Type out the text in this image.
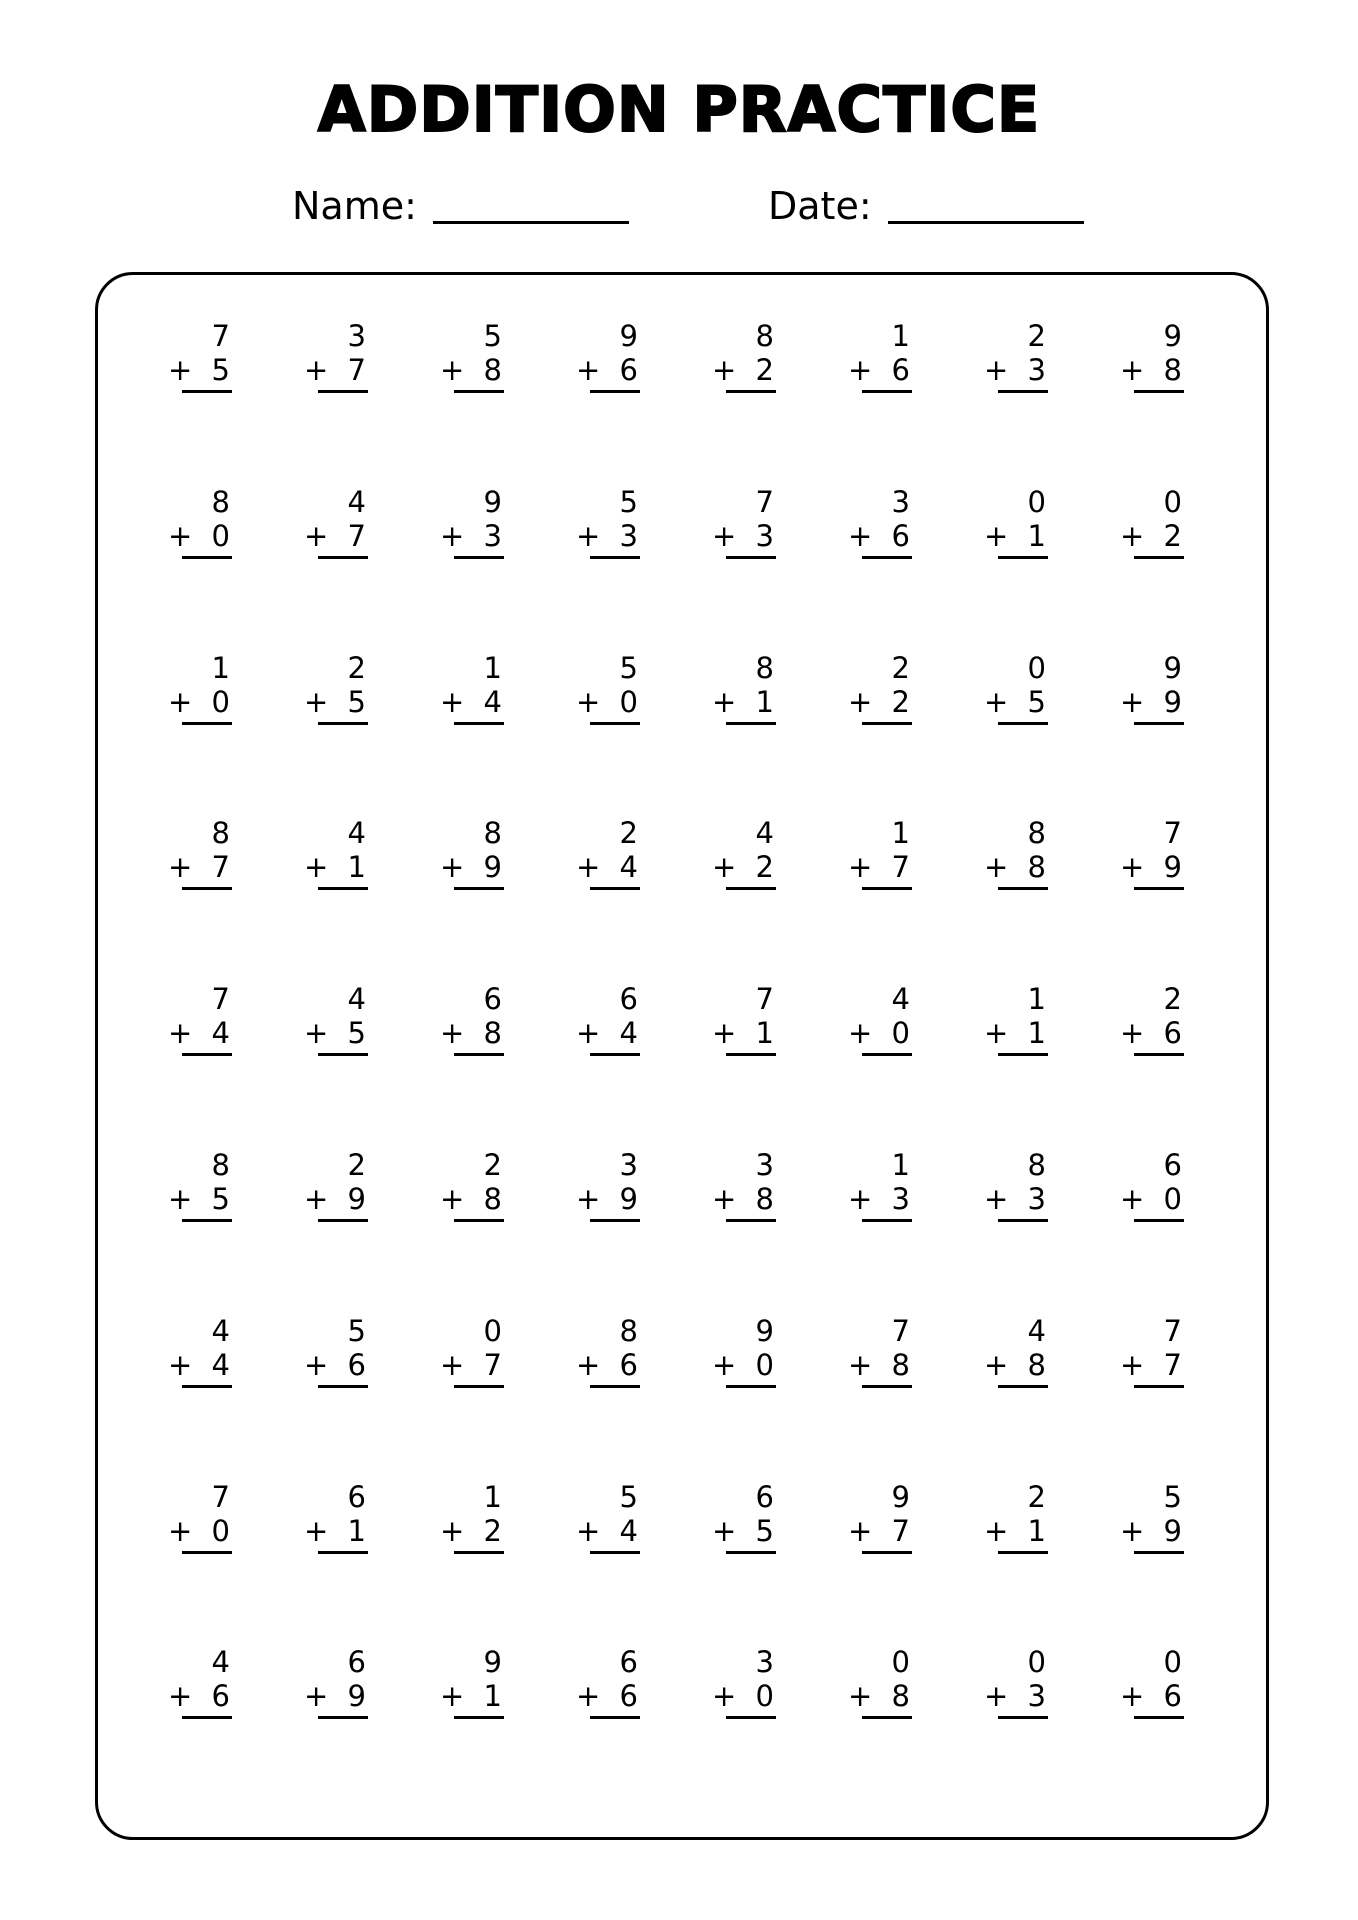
ADDITION PRACTICE
Name:	Date:
7
+ 5
3
+ 7
5
+ 8
9
+ 6
8
+ 2
1
+ 6
2
+ 3
9
+ 8
8
+ 0
4
+ 7
9
+ 3
5
+ 3
7
+ 3
3
+ 6
0
+ 1
0
+ 2
1
+ 0
2
+ 5
1
+ 4
5
+ 0
8
+ 1
2
+ 2
0
+ 5
9
+ 9
8
+ 7
4
+ 1
8
+ 9
2
+ 4
4
+ 2
1
+ 7
8
+ 8
7
+ 9
7
+ 4
4
+ 5
6
+ 8
6
+ 4
7
+ 1
4
+ 0
1
+ 1
2
+ 6
8
+ 5
2
+ 9
2
+ 8
3
+ 9
3
+ 8
1
+ 3
8
+ 3
6
+ 0
4
+ 4
5
+ 6
0
+ 7
8
+ 6
9
+ 0
7
+ 8
4
+ 8
7
+ 7
7
+ 0
6
+ 1
1
+ 2
5
+ 4
6
+ 5
9
+ 7
2
+ 1
5
+ 9
4
+ 6
6
+ 9
9
+ 1
6
+ 6
3
+ 0
0
+ 8
0
+ 3
0
+ 6
